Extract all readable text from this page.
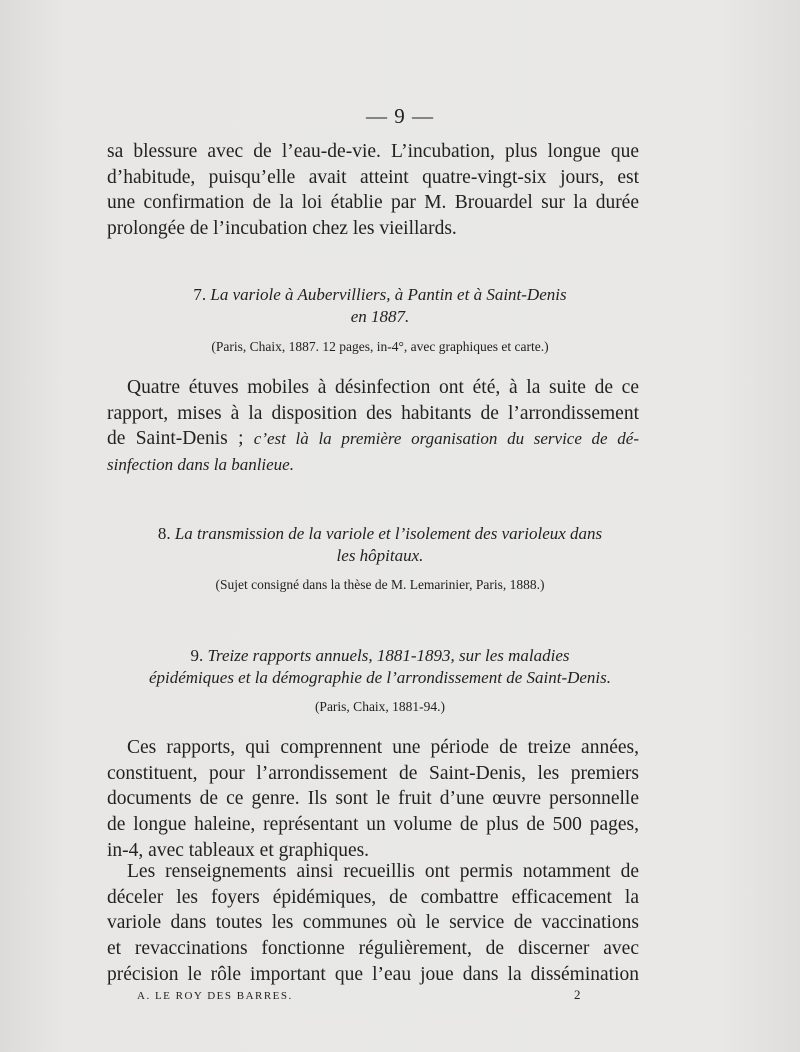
— 9 —

sa blessure avec de l’eau-de-vie. L’incubation, plus longue que
d’habitude, puisqu’elle avait atteint quatre-vingt-six jours, est
une confirmation de la loi établie par M. Brouardel sur la durée
prolongée de l’incubation chez les vieillards.

7. La variole à Aubervilliers, à Pantin et à Saint-Denis
en 1887.

(Paris, Chaix, 1887. 12 pages, in-4°, avec graphiques et carte.)

Quatre étuves mobiles à désinfection ont été, à la suite de ce
rapport, mises à la disposition des habitants de l’arrondissement
de Saint-Denis ; c’est là la première organisation du service de dé-
sinfection dans la banlieue.

8. La transmission de la variole et l’isolement des varioleux dans
les hôpitaux.

(Sujet consigné dans la thèse de M. Lemarinier, Paris, 1888.)

9. Treize rapports annuels, 1881-1893, sur les maladies
épidémiques et la démographie de l’arrondissement de Saint-Denis.

(Paris, Chaix, 1881-94.)

Ces rapports, qui comprennent une période de treize années,
constituent, pour l’arrondissement de Saint-Denis, les premiers
documents de ce genre. Ils sont le fruit d’une œuvre personnelle
de longue haleine, représentant un volume de plus de 500 pages,
in-4, avec tableaux et graphiques.

Les renseignements ainsi recueillis ont permis notamment de
déceler les foyers épidémiques, de combattre efficacement la
variole dans toutes les communes où le service de vaccinations
et revaccinations fonctionne régulièrement, de discerner avec
précision le rôle important que l’eau joue dans la dissémination

A. LE ROY DES BARRES.	2
